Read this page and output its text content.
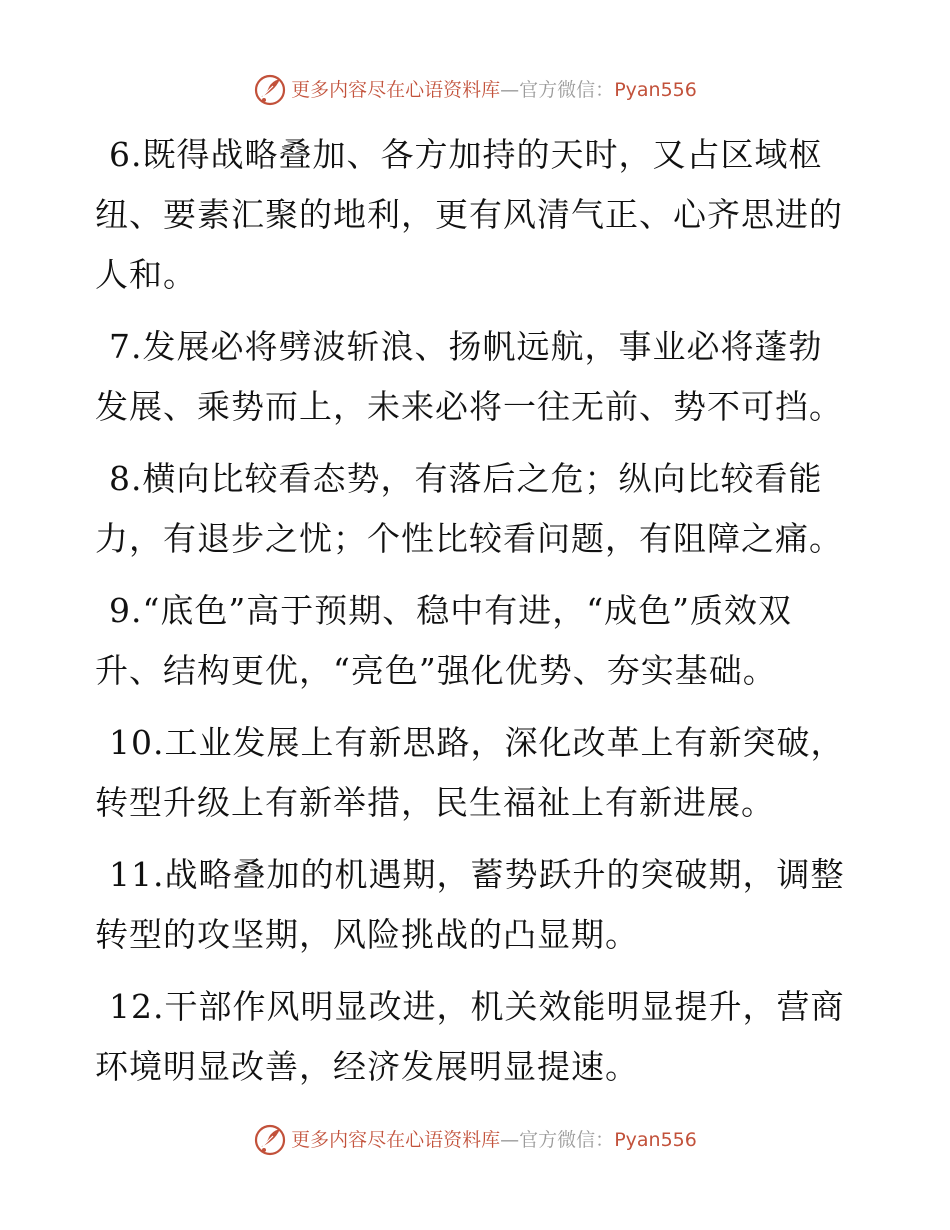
更多内容尽在心语资料库—官方微信：Pyan556

6.既得战略叠加、各方加持的天时，又占区域枢纽、要素汇聚的地利，更有风清气正、心齐思进的人和。

7.发展必将劈波斩浪、扬帆远航，事业必将蓬勃发展、乘势而上，未来必将一往无前、势不可挡。

8.横向比较看态势，有落后之危；纵向比较看能力，有退步之忧；个性比较看问题，有阻障之痛。

9.“底色”高于预期、稳中有进，“成色”质效双升、结构更优，“亮色”强化优势、夯实基础。

10.工业发展上有新思路，深化改革上有新突破，转型升级上有新举措，民生福祉上有新进展。

11.战略叠加的机遇期，蓄势跃升的突破期，调整转型的攻坚期，风险挑战的凸显期。

12.干部作风明显改进，机关效能明显提升，营商环境明显改善，经济发展明显提速。

更多内容尽在心语资料库—官方微信：Pyan556
